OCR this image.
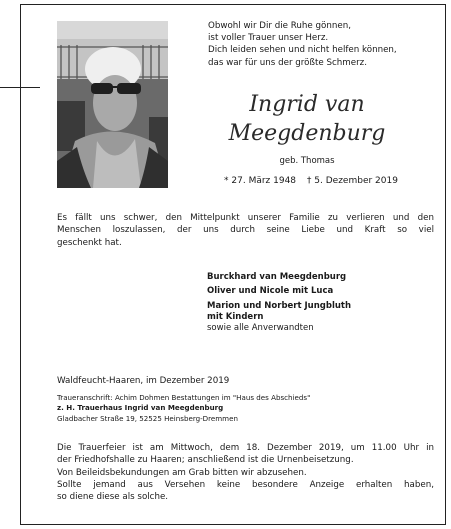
Obwohl wir Dir die Ruhe gönnen,
ist voller Trauer unser Herz.
Dich leiden sehen und nicht helfen können,
das war für uns der größte Schmerz.
Ingrid van
Meegdenburg
geb. Thomas
* 27. März 1948 † 5. Dezember 2019
Es fällt uns schwer, den Mittelpunkt unserer Familie zu verlieren und den
Menschen loszulassen, der uns durch seine Liebe und Kraft so viel
geschenkt hat.
Burckhard van Meegdenburg
Oliver und Nicole mit Luca
Marion und Norbert Jungbluth
mit Kindern
sowie alle Anverwandten
Waldfeucht-Haaren, im Dezember 2019
Traueranschrift: Achim Dohmen Bestattungen im "Haus des Abschieds"
z. H. Trauerhaus Ingrid van Meegdenburg
Gladbacher Straße 19, 52525 Heinsberg-Dremmen
Die Trauerfeier ist am Mittwoch, dem 18. Dezember 2019, um 11.00 Uhr in
der Friedhofshalle zu Haaren; anschließend ist die Urnenbeisetzung.
Von Beileidsbekundungen am Grab bitten wir abzusehen.
Sollte jemand aus Versehen keine besondere Anzeige erhalten haben,
so diene diese als solche.
